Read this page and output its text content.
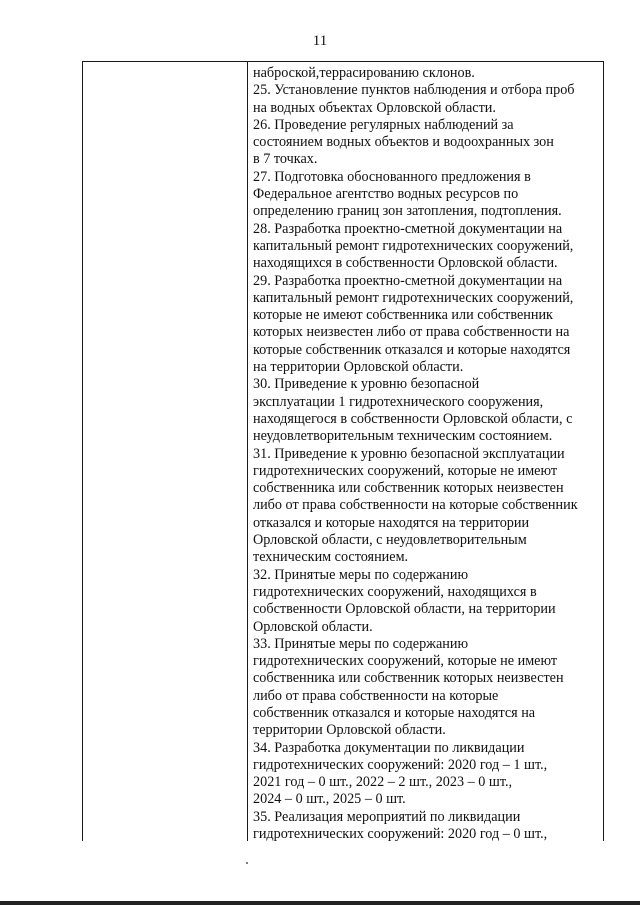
11
наброской,террасированию склонов.
25. Установление пунктов наблюдения и отбора проб
на водных объектах Орловской области.
26. Проведение регулярных наблюдений за
состоянием водных объектов и водоохранных зон
в 7 точках.
27. Подготовка обоснованного предложения в
Федеральное агентство водных ресурсов по
определению границ зон затопления, подтопления.
28. Разработка проектно-сметной документации на
капитальный ремонт гидротехнических сооружений,
находящихся в собственности Орловской области.
29. Разработка проектно-сметной документации на
капитальный ремонт гидротехнических сооружений,
которые не имеют собственника или собственник
которых неизвестен либо от права собственности на
которые собственник отказался и которые находятся
на территории Орловской области.
30. Приведение к уровню безопасной
эксплуатации 1 гидротехнического сооружения,
находящегося в собственности Орловской области, с
неудовлетворительным техническим состоянием.
31. Приведение к уровню безопасной эксплуатации
гидротехнических сооружений, которые не имеют
собственника или собственник которых неизвестен
либо от права собственности на которые собственник
отказался и которые находятся на территории
Орловской области, с неудовлетворительным
техническим состоянием.
32. Принятые меры по содержанию
гидротехнических сооружений, находящихся в
собственности Орловской области, на территории
Орловской области.
33. Принятые меры по содержанию
гидротехнических сооружений, которые не имеют
собственника или собственник которых неизвестен
либо от права собственности на которые
собственник отказался и которые находятся на
территории Орловской области.
34. Разработка документации по ликвидации
гидротехнических сооружений: 2020 год – 1 шт.,
2021 год – 0 шт., 2022 – 2 шт., 2023 – 0 шт.,
2024 – 0 шт., 2025 – 0 шт.
35. Реализация мероприятий по ликвидации
гидротехнических сооружений: 2020 год – 0 шт.,
